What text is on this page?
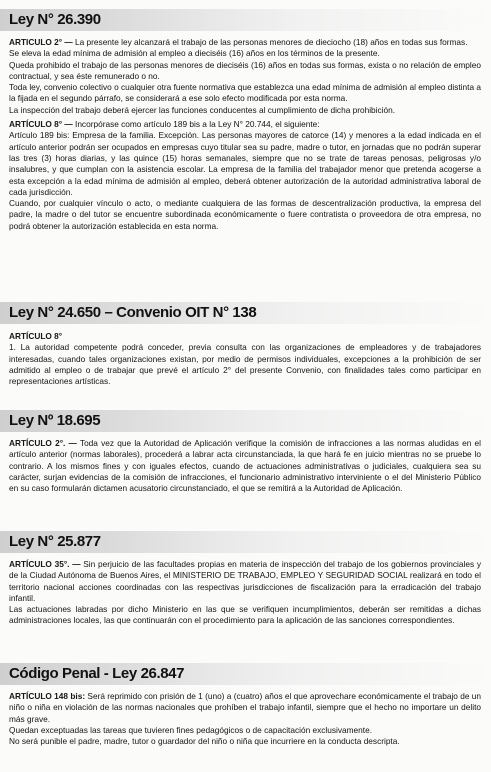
Ley N° 26.390

ARTICULO 2° — La presente ley alcanzará el trabajo de las personas menores de dieciocho (18) años en todas sus formas.

Se eleva la edad mínima de admisión al empleo a dieciséis (16) años en los términos de la presente.

Queda prohibido el trabajo de las personas menores de dieciséis (16) años en todas sus formas, exista o no relación de empleo contractual, y sea éste remunerado o no.

Toda ley, convenio colectivo o cualquier otra fuente normativa que establezca una edad mínima de admisión al empleo distinta a la fijada en el segundo párrafo, se considerará a ese solo efecto modificada por esta norma.

La inspección del trabajo deberá ejercer las funciones conducentes al cumplimiento de dicha prohibición.

ARTÍCULO 8° — Incorpórase como artículo 189 bis a la Ley N° 20.744, el siguiente:

Artículo 189 bis: Empresa de la familia. Excepción. Las personas mayores de catorce (14) y menores a la edad indicada en el artículo anterior podrán ser ocupados en empresas cuyo titular sea su padre, madre o tutor, en jornadas que no podrán superar las tres (3) horas diarias, y las quince (15) horas semanales, siempre que no se trate de tareas penosas, peligrosas y/o insalubres, y que cumplan con la asistencia escolar. La empresa de la familia del trabajador menor que pretenda acogerse a esta excepción a la edad mínima de admisión al empleo, deberá obtener autorización de la autoridad administrativa laboral de cada jurisdicción.

Cuando, por cualquier vínculo o acto, o mediante cualquiera de las formas de descentralización productiva, la empresa del padre, la madre o del tutor se encuentre subordinada económicamente o fuere contratista o proveedora de otra empresa, no podrá obtener la autorización establecida en esta norma.

Ley N° 24.650 – Convenio OIT N° 138

ARTÍCULO 8°

1. La autoridad competente podrá conceder, previa consulta con las organizaciones de empleadores y de trabajadores interesadas, cuando tales organizaciones existan, por medio de permisos individuales, excepciones a la prohibición de ser admitido al empleo o de trabajar que prevé el artículo 2° del presente Convenio, con finalidades tales como participar en representaciones artísticas.

Ley Nº 18.695

ARTÍCULO 2°. — Toda vez que la Autoridad de Aplicación verifique la comisión de infracciones a las normas aludidas en el artículo anterior (normas laborales), procederá a labrar acta circunstanciada, la que hará fe en juicio mientras no se pruebe lo contrario. A los mismos fines y con iguales efectos, cuando de actuaciones administrativas o judiciales, cualquiera sea su carácter, surjan evidencias de la comisión de infracciones, el funcionario administrativo interviniente o el del Ministerio Público en su caso formularán dictamen acusatorio circunstanciado, el que se remitirá a la Autoridad de Aplicación.

Ley N° 25.877

ARTÍCULO 35°. — Sin perjuicio de las facultades propias en materia de inspección del trabajo de los gobiernos provinciales y de la Ciudad Autónoma de Buenos Aires, el MINISTERIO DE TRABAJO, EMPLEO Y SEGURIDAD SOCIAL realizará en todo el territorio nacional acciones coordinadas con las respectivas jurisdicciones de fiscalización para la erradicación del trabajo infantil.

Las actuaciones labradas por dicho Ministerio en las que se verifiquen incumplimientos, deberán ser remitidas a dichas administraciones locales, las que continuarán con el procedimiento para la aplicación de las sanciones correspondientes.

Código Penal - Ley 26.847

ARTÍCULO 148 bis: Será reprimido con prisión de 1 (uno) a (cuatro) años el que aprovechare económicamente el trabajo de un niño o niña en violación de las normas nacionales que prohíben el trabajo infantil, siempre que el hecho no importare un delito más grave.

Quedan exceptuadas las tareas que tuvieren fines pedagógicos o de capacitación exclusivamente.

No será punible el padre, madre, tutor o guardador del niño o niña que incurriere en la conducta descripta.
